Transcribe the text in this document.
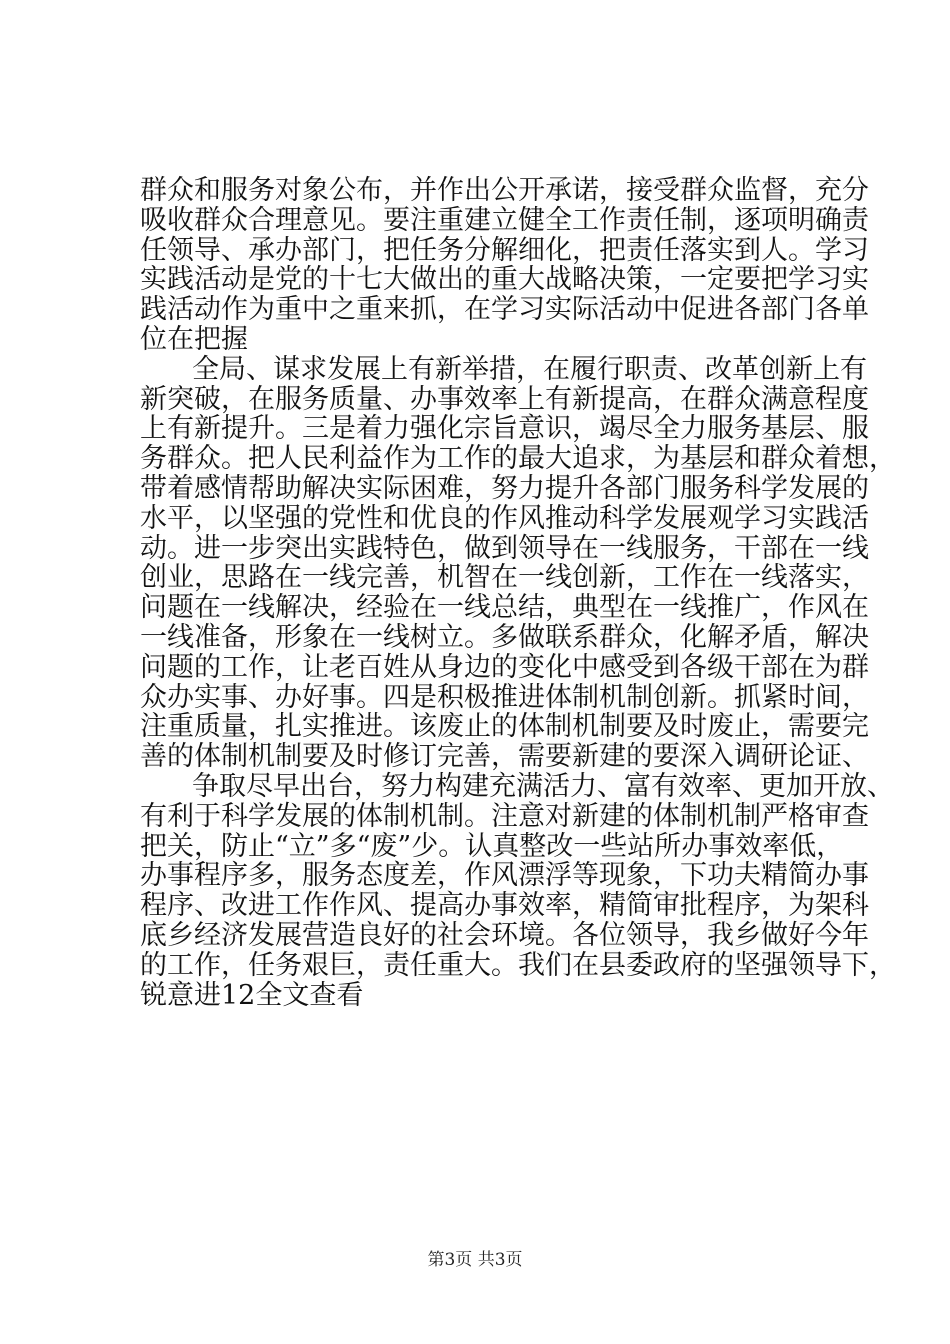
群众和服务对象公布，并作出公开承诺，接受群众监督，充分
吸收群众合理意见。要注重建立健全工作责任制，逐项明确责
任领导、承办部门，把任务分解细化，把责任落实到人。学习
实践活动是党的十七大做出的重大战略决策，一定要把学习实
践活动作为重中之重来抓，在学习实际活动中促进各部门各单
位在把握
全局、谋求发展上有新举措，在履行职责、改革创新上有
新突破，在服务质量、办事效率上有新提高，在群众满意程度
上有新提升。三是着力强化宗旨意识，竭尽全力服务基层、服
务群众。把人民利益作为工作的最大追求，为基层和群众着想，
带着感情帮助解决实际困难，努力提升各部门服务科学发展的
水平，以坚强的党性和优良的作风推动科学发展观学习实践活
动。进一步突出实践特色，做到领导在一线服务，干部在一线
创业，思路在一线完善，机智在一线创新，工作在一线落实，
问题在一线解决，经验在一线总结，典型在一线推广，作风在
一线准备，形象在一线树立。多做联系群众，化解矛盾，解决
问题的工作，让老百姓从身边的变化中感受到各级干部在为群
众办实事、办好事。四是积极推进体制机制创新。抓紧时间，
注重质量，扎实推进。该废止的体制机制要及时废止，需要完
善的体制机制要及时修订完善，需要新建的要深入调研论证、
争取尽早出台，努力构建充满活力、富有效率、更加开放、
有利于科学发展的体制机制。注意对新建的体制机制严格审查
把关，防止“立”多“废”少。认真整改一些站所办事效率低，
办事程序多，服务态度差，作风漂浮等现象，下功夫精简办事
程序、改进工作作风、提高办事效率，精简审批程序，为架科
底乡经济发展营造良好的社会环境。各位领导，我乡做好今年
的工作，任务艰巨，责任重大。我们在县委政府的坚强领导下，
锐意进12全文查看
第3页 共3页
